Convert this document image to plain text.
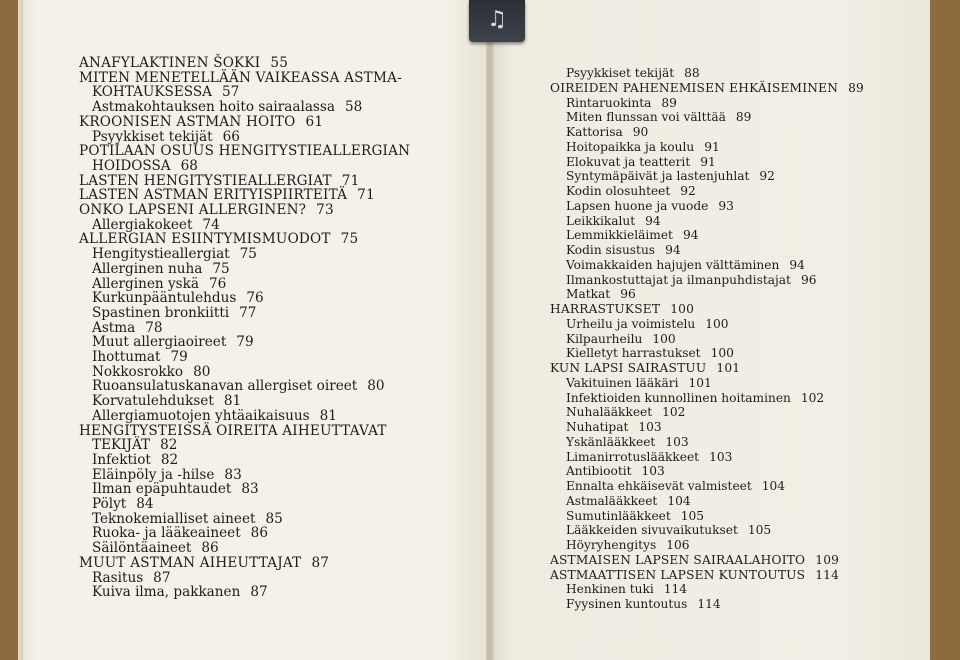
♫
ANAFYLAKTINEN ŠOKKI 55
MITEN MENETELLÄÄN VAIKEASSA ASTMA-
KOHTAUKSESSA 57
Astmakohtauksen hoito sairaalassa 58
KROONISEN ASTMAN HOITO 61
Psyykkiset tekijät 66
POTILAAN OSUUS HENGITYSTIEALLERGIAN
HOIDOSSA 68
LASTEN HENGITYSTIEALLERGIAT 71
LASTEN ASTMAN ERITYISPIIRTEITÄ 71
ONKO LAPSENI ALLERGINEN? 73
Allergiakokeet 74
ALLERGIAN ESIINTYMISMUODOT 75
Hengitystieallergiat 75
Allerginen nuha 75
Allerginen yskä 76
Kurkunpääntulehdus 76
Spastinen bronkiitti 77
Astma 78
Muut allergiaoireet 79
Ihottumat 79
Nokkosrokko 80
Ruoansulatuskanavan allergiset oireet 80
Korvatulehdukset 81
Allergiamuotojen yhtäaikaisuus 81
HENGITYSTEISSÄ OIREITA AIHEUTTAVAT
TEKIJÄT 82
Infektiot 82
Eläinpöly ja -hilse 83
Ilman epäpuhtaudet 83
Pölyt 84
Teknokemialliset aineet 85
Ruoka- ja lääkeaineet 86
Säilöntäaineet 86
MUUT ASTMAN AIHEUTTAJAT 87
Rasitus 87
Kuiva ilma, pakkanen 87
Psyykkiset tekijät 88
OIREIDEN PAHENEMISEN EHKÄISEMINEN 89
Rintaruokinta 89
Miten flunssan voi välttää 89
Kattorisa 90
Hoitopaikka ja koulu 91
Elokuvat ja teatterit 91
Syntymäpäivät ja lastenjuhlat 92
Kodin olosuhteet 92
Lapsen huone ja vuode 93
Leikkikalut 94
Lemmikkieläimet 94
Kodin sisustus 94
Voimakkaiden hajujen välttäminen 94
Ilmankostuttajat ja ilmanpuhdistajat 96
Matkat 96
HARRASTUKSET 100
Urheilu ja voimistelu 100
Kilpaurheilu 100
Kielletyt harrastukset 100
KUN LAPSI SAIRASTUU 101
Vakituinen lääkäri 101
Infektioiden kunnollinen hoitaminen 102
Nuhalääkkeet 102
Nuhatipat 103
Yskänlääkkeet 103
Limanirrotuslääkkeet 103
Antibiootit 103
Ennalta ehkäisevät valmisteet 104
Astmalääkkeet 104
Sumutinlääkkeet 105
Lääkkeiden sivuvaikutukset 105
Höyryhengitys 106
ASTMAISEN LAPSEN SAIRAALAHOITO 109
ASTMAATTISEN LAPSEN KUNTOUTUS 114
Henkinen tuki 114
Fyysinen kuntoutus 114
